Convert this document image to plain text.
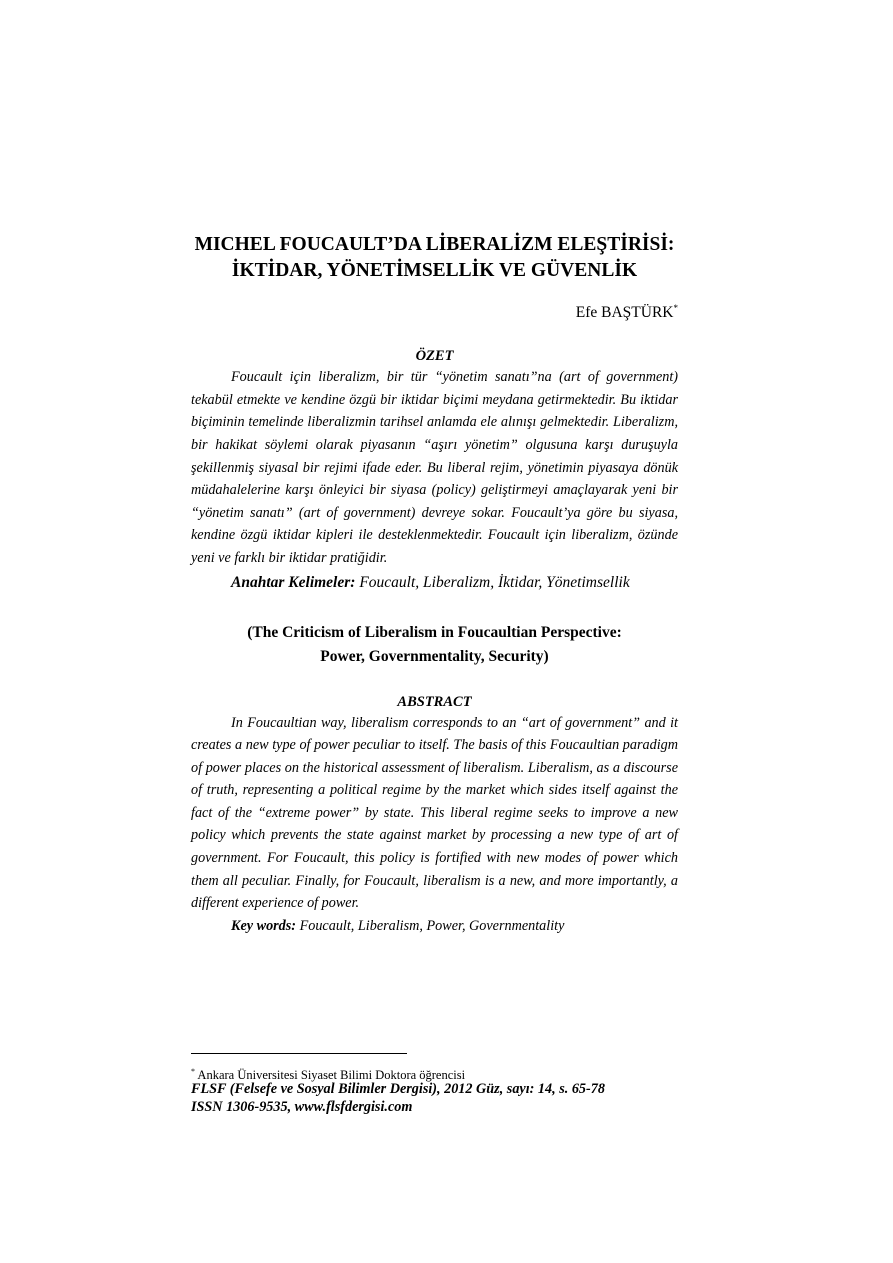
MICHEL FOUCAULT’DA LİBERALİZM ELEŞTİRİSİ:
İKTİDAR, YÖNETİMSELLİK VE GÜVENLİK
Efe BAŞTÜRK*
ÖZET

Foucault için liberalizm, bir tür “yönetim sanatı”na (art of government) tekabül etmekte ve kendine özgü bir iktidar biçimi meydana getirmektedir. Bu iktidar biçiminin temelinde liberalizmin tarihsel anlamda ele alınışı gelmektedir. Liberalizm, bir hakikat söylemi olarak piyasanın “aşırı yönetim” olgusuna karşı duruşuyla şekillenmiş siyasal bir rejimi ifade eder. Bu liberal rejim, yönetimin piyasaya dönük müdahalelerine karşı önleyici bir siyasa (policy) geliştirmeyi amaçlayarak yeni bir “yönetim sanatı” (art of government) devreye sokar. Foucault’ya göre bu siyasa, kendine özgü iktidar kipleri ile desteklenmektedir. Foucault için liberalizm, özünde yeni ve farklı bir iktidar pratiğidir.

Anahtar Kelimeler: Foucault, Liberalizm, İktidar, Yönetimsellik

(The Criticism of Liberalism in Foucaultian Perspective:
Power, Governmentality, Security)
ABSTRACT

In Foucaultian way, liberalism corresponds to an “art of government” and it creates a new type of power peculiar to itself. The basis of this Foucaultian paradigm of power places on the historical assessment of liberalism. Liberalism, as a discourse of truth, representing a political regime by the market which sides itself against the fact of the “extreme power” by state. This liberal regime seeks to improve a new policy which prevents the state against market by processing a new type of art of government. For Foucault, this policy is fortified with new modes of power which them all peculiar. Finally, for Foucault, liberalism is a new, and more importantly, a different experience of power.

Key words: Foucault, Liberalism, Power, Governmentality

* Ankara Üniversitesi Siyaset Bilimi Doktora öğrencisi
FLSF (Felsefe ve Sosyal Bilimler Dergisi), 2012 Güz, sayı: 14, s. 65-78
ISSN 1306-9535, www.flsfdergisi.com
